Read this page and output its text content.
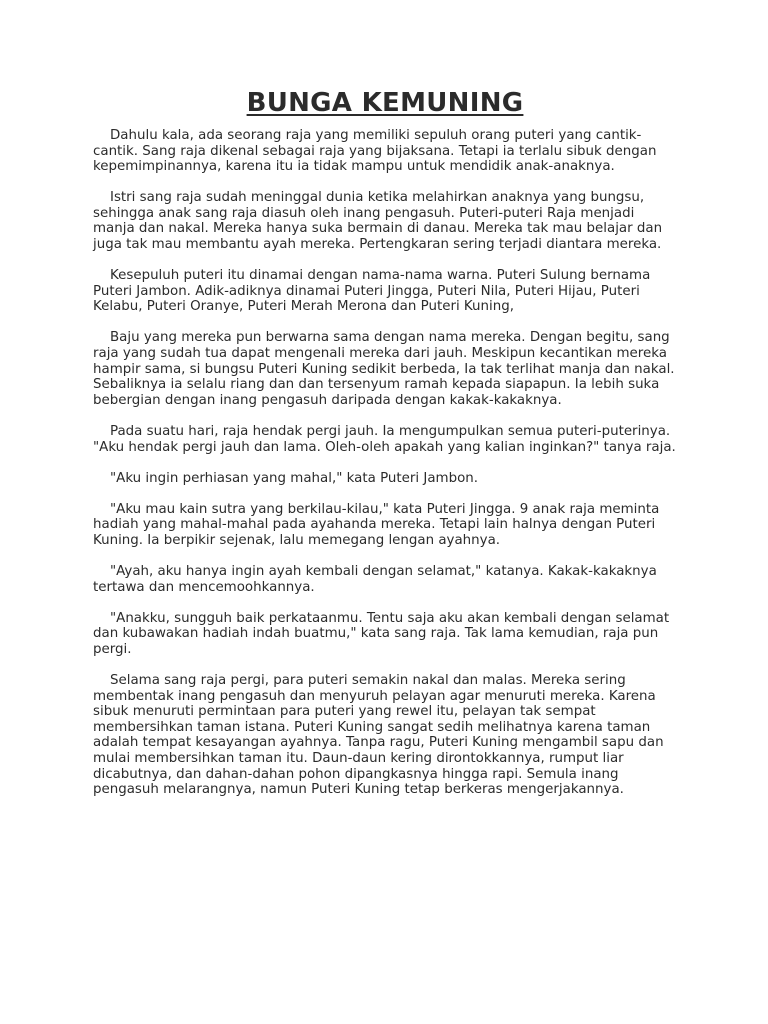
BUNGA KEMUNING

Dahulu kala, ada seorang raja yang memiliki sepuluh orang puteri yang cantik-cantik. Sang raja dikenal sebagai raja yang bijaksana. Tetapi ia terlalu sibuk dengan kepemimpinannya, karena itu ia tidak mampu untuk mendidik anak-anaknya.

Istri sang raja sudah meninggal dunia ketika melahirkan anaknya yang bungsu, sehingga anak sang raja diasuh oleh inang pengasuh. Puteri-puteri Raja menjadi manja dan nakal. Mereka hanya suka bermain di danau. Mereka tak mau belajar dan juga tak mau membantu ayah mereka. Pertengkaran sering terjadi diantara mereka.

Kesepuluh puteri itu dinamai dengan nama-nama warna. Puteri Sulung bernama Puteri Jambon. Adik-adiknya dinamai Puteri Jingga, Puteri Nila, Puteri Hijau, Puteri Kelabu, Puteri Oranye, Puteri Merah Merona dan Puteri Kuning,

Baju yang mereka pun berwarna sama dengan nama mereka. Dengan begitu, sang raja yang sudah tua dapat mengenali mereka dari jauh. Meskipun kecantikan mereka hampir sama, si bungsu Puteri Kuning sedikit berbeda, Ia tak terlihat manja dan nakal. Sebaliknya ia selalu riang dan dan tersenyum ramah kepada siapapun. Ia lebih suka bebergian dengan inang pengasuh daripada dengan kakak-kakaknya.

Pada suatu hari, raja hendak pergi jauh. Ia mengumpulkan semua puteri-puterinya. "Aku hendak pergi jauh dan lama. Oleh-oleh apakah yang kalian inginkan?" tanya raja.

"Aku ingin perhiasan yang mahal," kata Puteri Jambon.

"Aku mau kain sutra yang berkilau-kilau," kata Puteri Jingga. 9 anak raja meminta hadiah yang mahal-mahal pada ayahanda mereka. Tetapi lain halnya dengan Puteri Kuning. Ia berpikir sejenak, lalu memegang lengan ayahnya.

"Ayah, aku hanya ingin ayah kembali dengan selamat," katanya. Kakak-kakaknya tertawa dan mencemoohkannya.

"Anakku, sungguh baik perkataanmu. Tentu saja aku akan kembali dengan selamat dan kubawakan hadiah indah buatmu," kata sang raja. Tak lama kemudian, raja pun pergi.

Selama sang raja pergi, para puteri semakin nakal dan malas. Mereka sering membentak inang pengasuh dan menyuruh pelayan agar menuruti mereka. Karena sibuk menuruti permintaan para puteri yang rewel itu, pelayan tak sempat membersihkan taman istana. Puteri Kuning sangat sedih melihatnya karena taman adalah tempat kesayangan ayahnya. Tanpa ragu, Puteri Kuning mengambil sapu dan mulai membersihkan taman itu. Daun-daun kering dirontokkannya, rumput liar dicabutnya, dan dahan-dahan pohon dipangkasnya hingga rapi. Semula inang pengasuh melarangnya, namun Puteri Kuning tetap berkeras mengerjakannya.
